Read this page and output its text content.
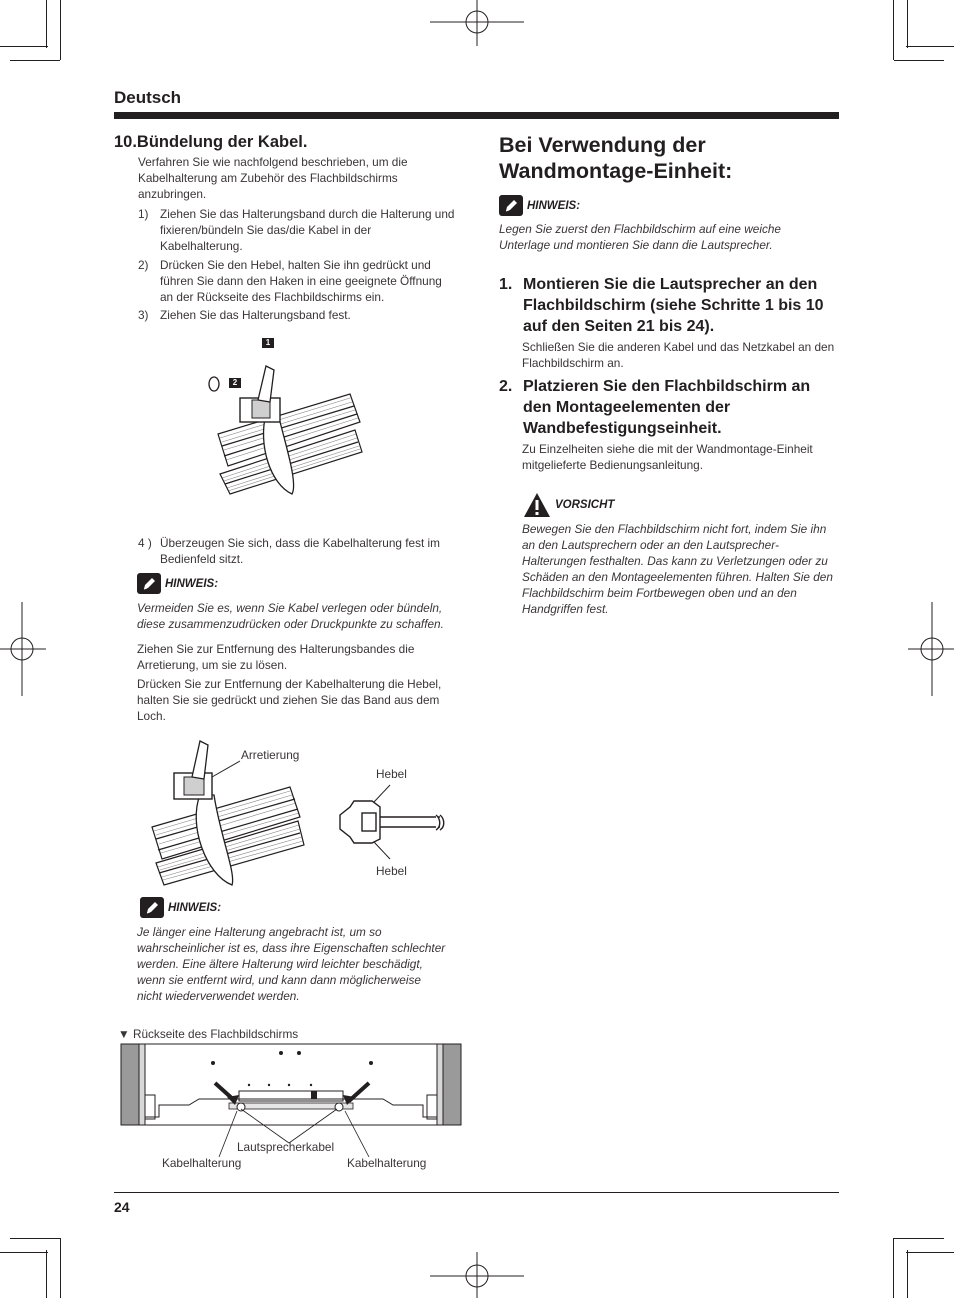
Deutsch
10.Bündelung der Kabel.
Verfahren Sie wie nachfolgend beschrieben, um die Kabelhalterung am Zubehör des Flachbildschirms anzubringen.
1) Ziehen Sie das Halterungsband durch die Halterung und fixieren/bündeln Sie das/die Kabel in der Kabelhalterung.
2) Drücken Sie den Hebel, halten Sie ihn gedrückt und führen Sie dann den Haken in eine geeignete Öffnung an der Rückseite des Flachbildschirms ein.
3) Ziehen Sie das Halterungsband fest.
1
2
4 ) Überzeugen Sie sich, dass die Kabelhalterung fest im Bedienfeld sitzt.
HINWEIS:
Vermeiden Sie es, wenn Sie Kabel verlegen oder bündeln, diese zusammenzudrücken oder Druckpunkte zu schaffen.
Ziehen Sie zur Entfernung des Halterungsbandes die Arretierung, um sie zu lösen.
Drücken Sie zur Entfernung der Kabelhalterung die Hebel, halten Sie sie gedrückt und ziehen Sie das Band aus dem Loch.
Arretierung
Hebel
Hebel
HINWEIS:
Je länger eine Halterung angebracht ist, um so wahrscheinlicher ist es, dass ihre Eigenschaften schlechter werden. Eine ältere Halterung wird leichter beschädigt, wenn sie entfernt wird, und kann dann möglicherweise nicht wiederverwendet werden.
▼ Rückseite des Flachbildschirms
Lautsprecherkabel
Kabelhalterung	Kabelhalterung
Bei Verwendung der Wandmontage-Einheit:
HINWEIS:
Legen Sie zuerst den Flachbildschirm auf eine weiche Unterlage und montieren Sie dann die Lautsprecher.
1. Montieren Sie die Lautsprecher an den Flachbildschirm (siehe Schritte 1 bis 10 auf den Seiten 21 bis 24).
Schließen Sie die anderen Kabel und das Netzkabel an den Flachbildschirm an.
2. Platzieren Sie den Flachbildschirm an den Montageelementen der Wandbefestigungseinheit.
Zu Einzelheiten siehe die mit der Wandmontage-Einheit mitgelieferte Bedienungsanleitung.
VORSICHT
Bewegen Sie den Flachbildschirm nicht fort, indem Sie ihn an den Lautsprechern oder an den Lautsprecher-Halterungen festhalten. Das kann zu Verletzungen oder zu Schäden an den Montageelementen führen. Halten Sie den Flachbildschirm beim Fortbewegen oben und an den Handgriffen fest.
24
